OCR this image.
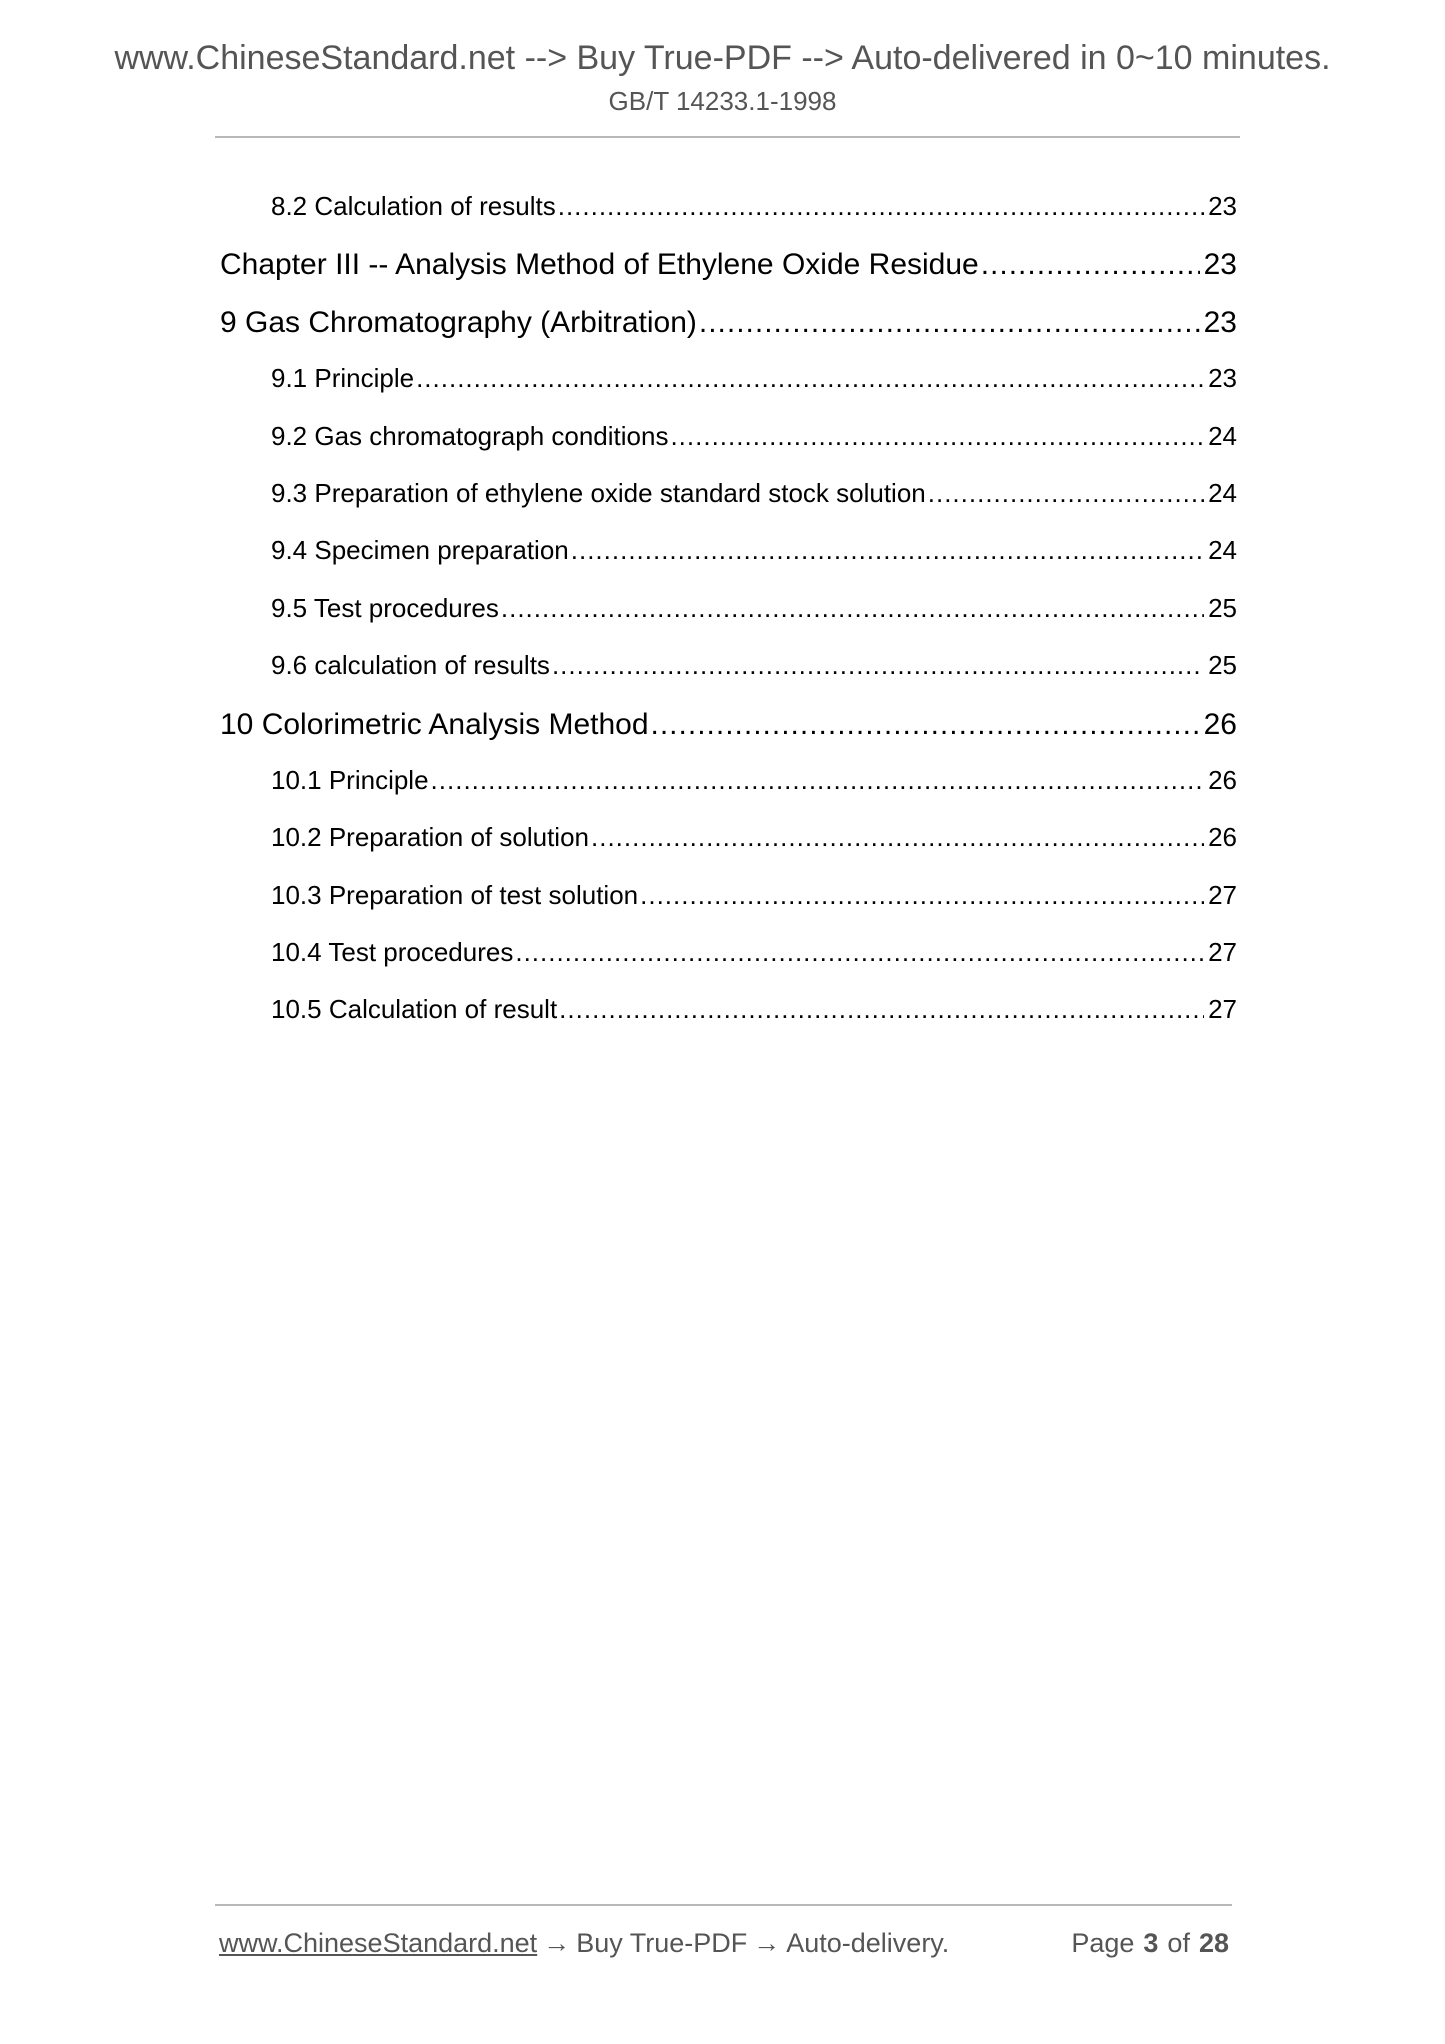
www.ChineseStandard.net --> Buy True-PDF --> Auto-delivered in 0~10 minutes.
GB/T 14233.1-1998
8.2 Calculation of results .....	23
Chapter III -- Analysis Method of Ethylene Oxide Residue .....	23
9 Gas Chromatography (Arbitration) .....	23
9.1 Principle .....	23
9.2 Gas chromatograph conditions .....	24
9.3 Preparation of ethylene oxide standard stock solution .....	24
9.4 Specimen preparation .....	24
9.5 Test procedures .....	25
9.6 calculation of results .....	25
10 Colorimetric Analysis Method .....	26
10.1 Principle .....	26
10.2 Preparation of solution .....	26
10.3 Preparation of test solution .....	27
10.4 Test procedures .....	27
10.5 Calculation of result .....	27
www.ChineseStandard.net → Buy True-PDF → Auto-delivery.	Page 3 of 28
